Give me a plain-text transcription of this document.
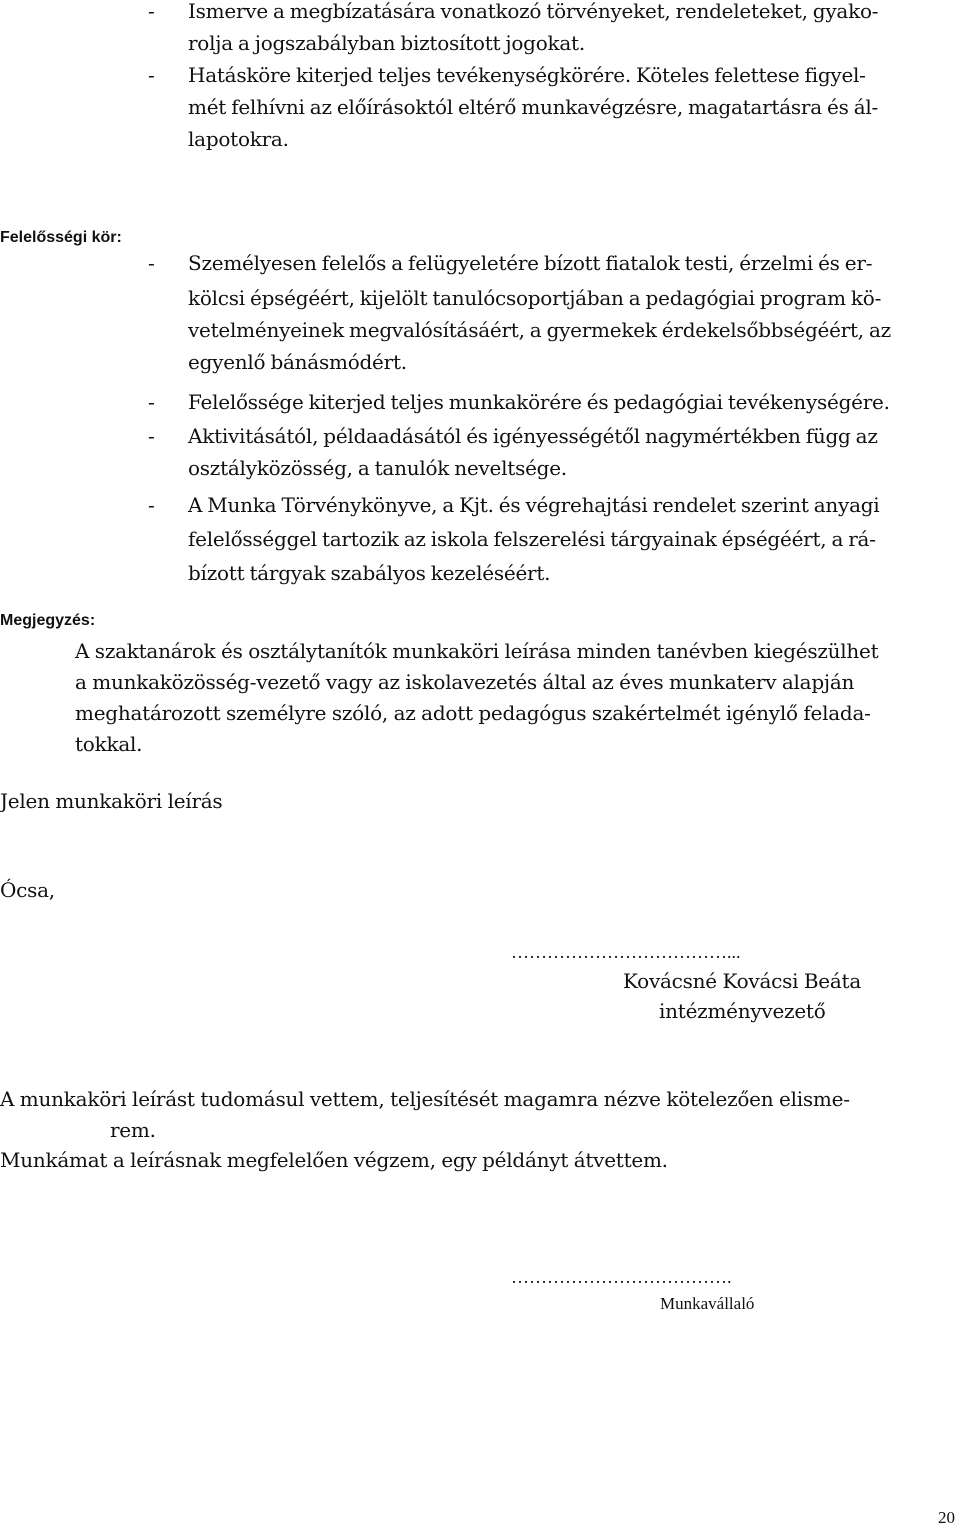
- Ismerve a megbízatására vonatkozó törvényeket, rendeleteket, gyako-
rolja a jogszabályban biztosított jogokat.
- Hatásköre kiterjed teljes tevékenységkörére. Köteles felettese figyel-
mét felhívni az előírásoktól eltérő munkavégzésre, magatartásra és ál-
lapotokra.
Felelősségi kör:
- Személyesen felelős a felügyeletére bízott fiatalok testi, érzelmi és er-
kölcsi épségéért, kijelölt tanulócsoportjában a pedagógiai program kö-
vetelményeinek megvalósításáért, a gyermekek érdekelsőbbségéért, az
egyenlő bánásmódért.
- Felelőssége kiterjed teljes munkakörére és pedagógiai tevékenységére.
- Aktivitásától, példaadásától és igényességétől nagymértékben függ az
osztályközösség, a tanulók neveltsége.
- A Munka Törvénykönyve, a Kjt. és végrehajtási rendelet szerint anyagi
felelősséggel tartozik az iskola felszerelési tárgyainak épségéért, a rá-
bízott tárgyak szabályos kezeléséért.
Megjegyzés:
A szaktanárok és osztálytanítók munkaköri leírása minden tanévben kiegészülhet
a munkaközösség-vezető vagy az iskolavezetés által az éves munkaterv alapján
meghatározott személyre szóló, az adott pedagógus szakértelmét igénylő felada-
tokkal.
Jelen munkaköri leírás
Ócsa,
………………………………...
Kovácsné Kovácsi Beáta
intézményvezető
A munkaköri leírást tudomásul vettem, teljesítését magamra nézve kötelezően elisme-
rem.
Munkámat a leírásnak megfelelően végzem, egy példányt átvettem.
……………………………….
Munkavállaló
20
